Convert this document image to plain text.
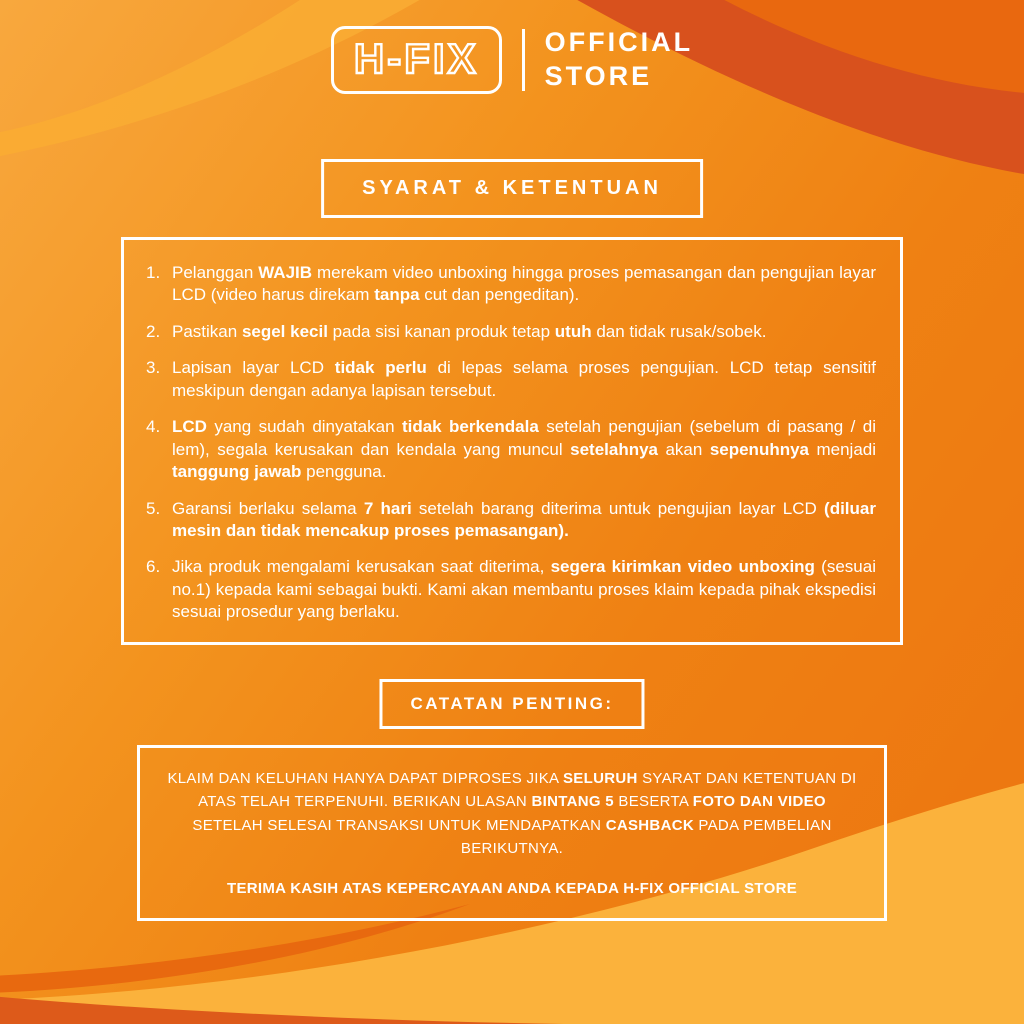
H-FIX	OFFICIAL
STORE
SYARAT & KETENTUAN
1. Pelanggan WAJIB merekam video unboxing hingga proses pemasangan dan pengujian layar LCD (video harus direkam tanpa cut dan pengeditan).
2. Pastikan segel kecil pada sisi kanan produk tetap utuh dan tidak rusak/sobek.
3. Lapisan layar LCD tidak perlu di lepas selama proses pengujian. LCD tetap sensitif meskipun dengan adanya lapisan tersebut.
4. LCD yang sudah dinyatakan tidak berkendala setelah pengujian (sebelum di pasang / di lem), segala kerusakan dan kendala yang muncul setelahnya akan sepenuhnya menjadi tanggung jawab pengguna.
5. Garansi berlaku selama 7 hari setelah barang diterima untuk pengujian layar LCD (diluar mesin dan tidak mencakup proses pemasangan).
6. Jika produk mengalami kerusakan saat diterima, segera kirimkan video unboxing (sesuai no.1) kepada kami sebagai bukti. Kami akan membantu proses klaim kepada pihak ekspedisi sesuai prosedur yang berlaku.
CATATAN PENTING:

KLAIM DAN KELUHAN HANYA DAPAT DIPROSES JIKA SELURUH SYARAT DAN KETENTUAN DI ATAS TELAH TERPENUHI. BERIKAN ULASAN BINTANG 5 BESERTA FOTO DAN VIDEO SETELAH SELESAI TRANSAKSI UNTUK MENDAPATKAN CASHBACK PADA PEMBELIAN BERIKUTNYA.

TERIMA KASIH ATAS KEPERCAYAAN ANDA KEPADA H-FIX OFFICIAL STORE
